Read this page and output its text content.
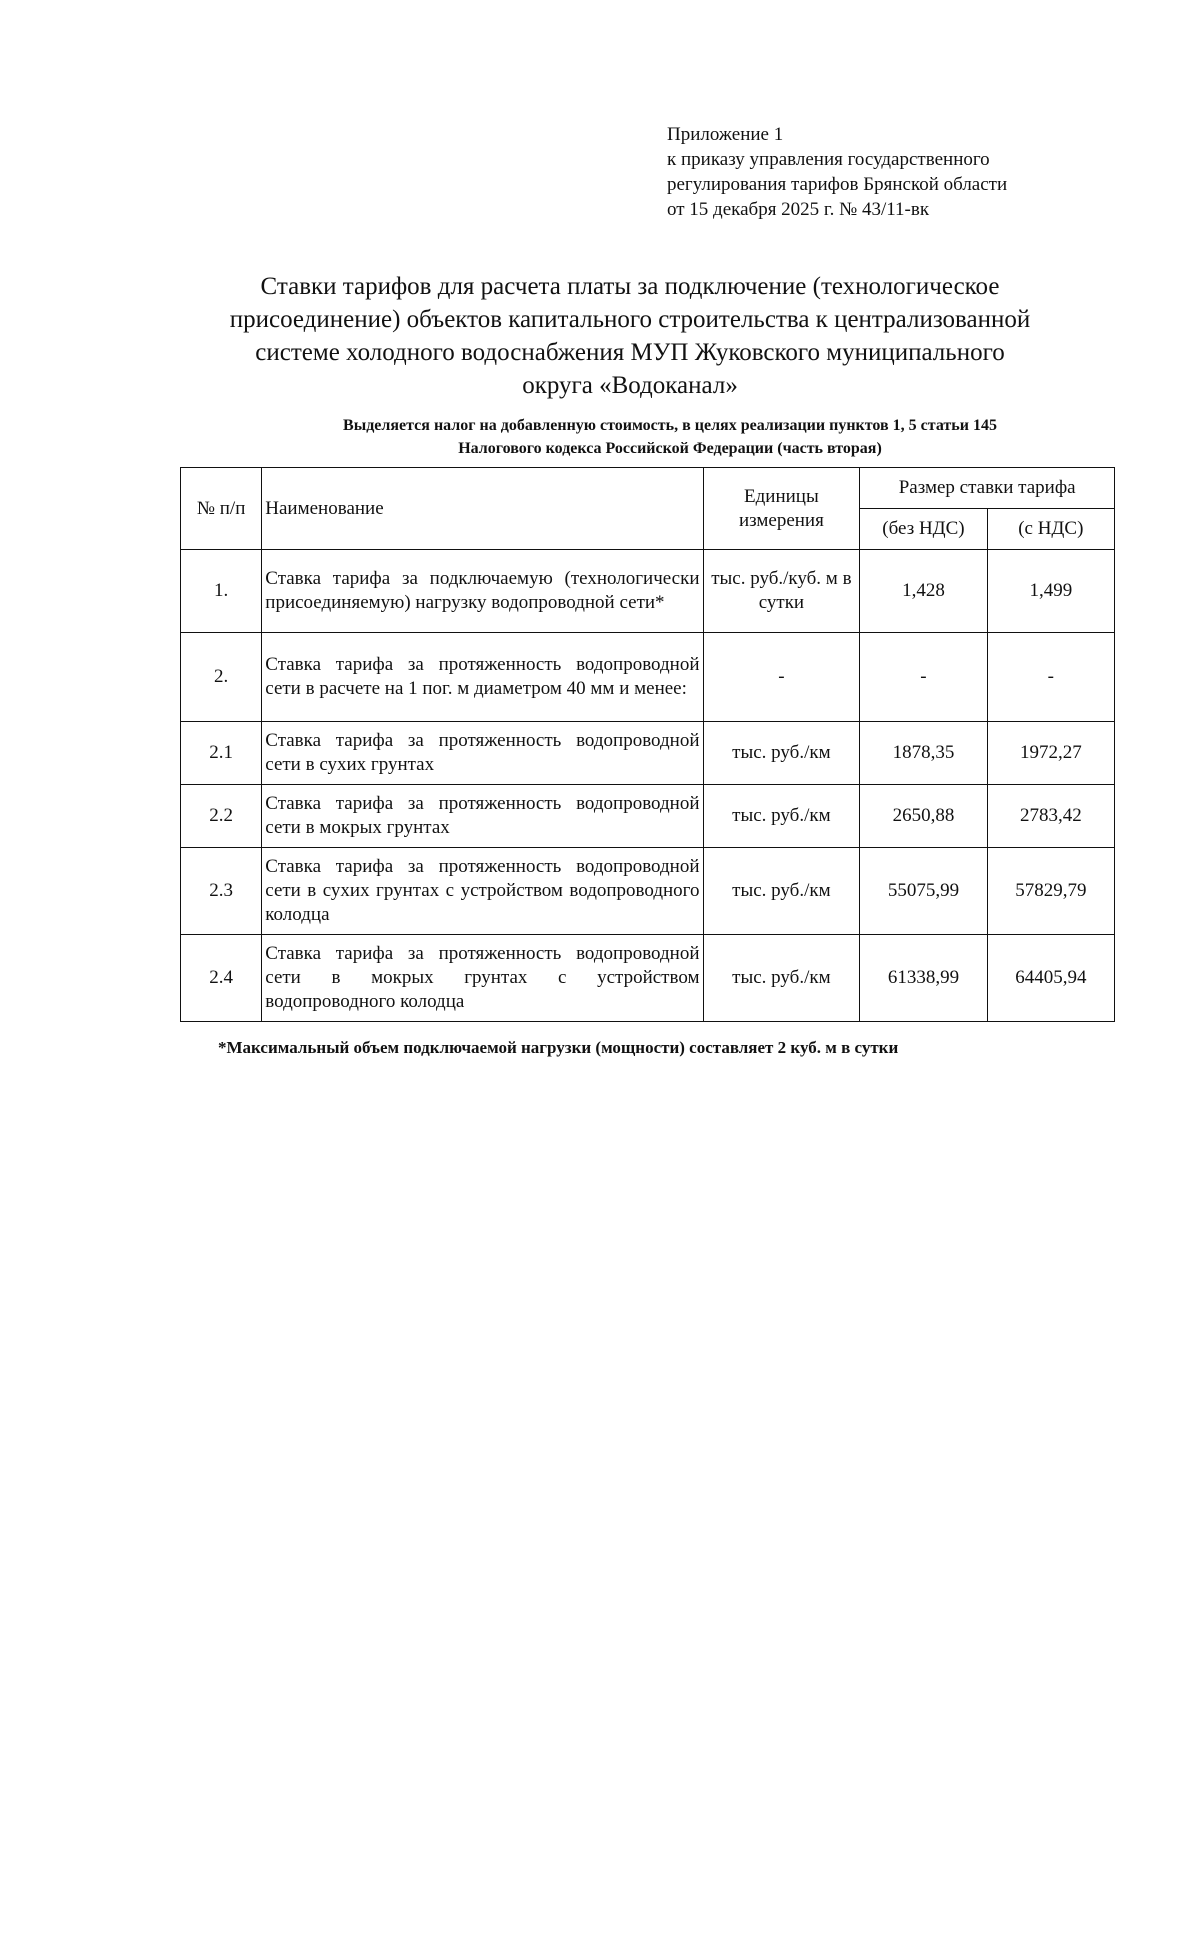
Приложение 1
к приказу управления государственного
регулирования тарифов Брянской области
от 15 декабря 2025 г. № 43/11-вк
Ставки тарифов для расчета платы за подключение (технологическое
присоединение) объектов капитального строительства к централизованной
системе холодного водоснабжения МУП Жуковского муниципального
округа «Водоканал»
Выделяется налог на добавленную стоимость, в целях реализации пунктов 1, 5 статьи 145
Налогового кодекса Российской Федерации (часть вторая)
№ п/п	Наименование	Единицы измерения	Размер ставки тарифа	
			(без НДС)	(с НДС)
1.	Ставка тарифа за подключаемую (технологически присоединяемую) нагрузку водопроводной сети*	тыс. руб./куб. м в сутки	1,428	1,499
2.	Ставка тарифа за протяженность водопроводной сети в расчете на 1 пог. м диаметром 40 мм и менее:	-	-	-
2.1	Ставка тарифа за протяженность водопроводной сети в сухих грунтах	тыс. руб./км	1878,35	1972,27
2.2	Ставка тарифа за протяженность водопроводной сети в мокрых грунтах	тыс. руб./км	2650,88	2783,42
2.3	Ставка тарифа за протяженность водопроводной сети в сухих грунтах с устройством водопроводного колодца	тыс. руб./км	55075,99	57829,79
2.4	Ставка тарифа за протяженность водопроводной сети в мокрых грунтах с устройством водопроводного колодца	тыс. руб./км	61338,99	64405,94
*Максимальный объем подключаемой нагрузки (мощности) составляет 2 куб. м в сутки
